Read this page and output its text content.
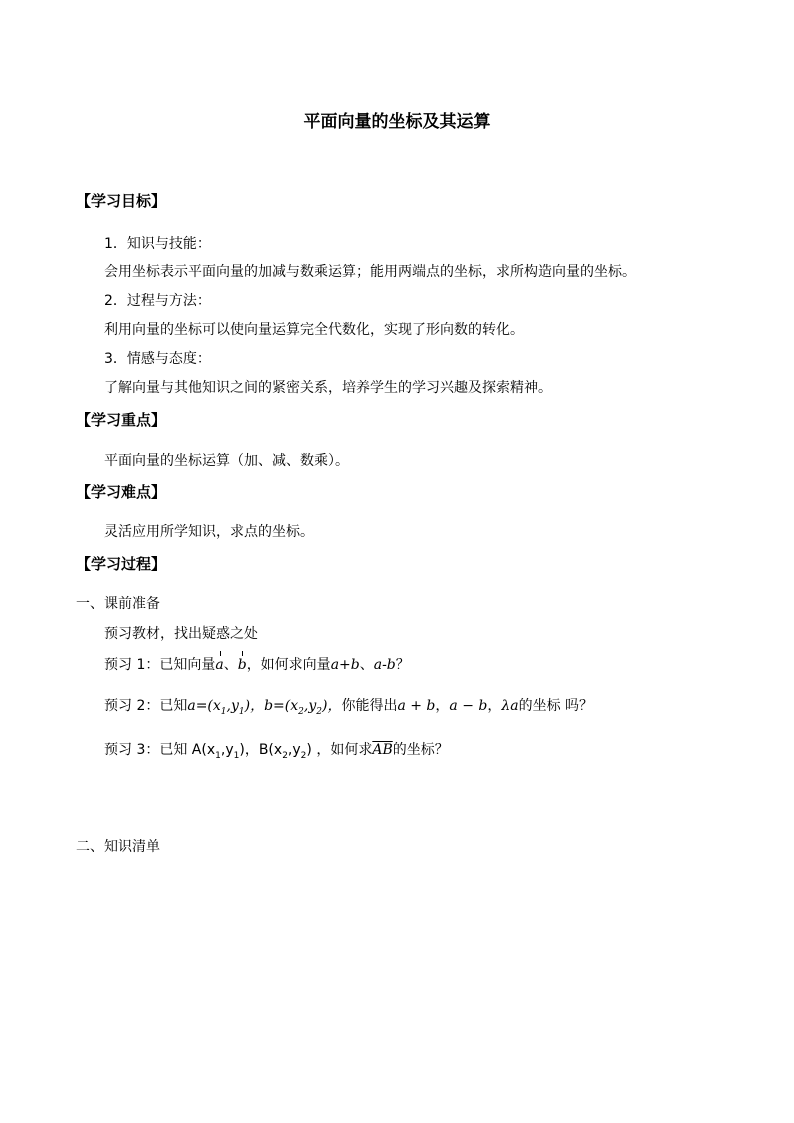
平面向量的坐标及其运算
【学习目标】
1．知识与技能：
会用坐标表示平面向量的加减与数乘运算；能用两端点的坐标，求所构造向量的坐标。
2．过程与方法：
利用向量的坐标可以使向量运算完全代数化，实现了形向数的转化。
3．情感与态度：
了解向量与其他知识之间的紧密关系，培养学生的学习兴趣及探索精神。
【学习重点】
平面向量的坐标运算（加、减、数乘）。
【学习难点】
灵活应用所学知识，求点的坐标。
【学习过程】
一、课前准备
预习教材，找出疑惑之处
预习 1：已知向量a、b，如何求向量a+b、a-b？
预习 2：已知$a=(x_1,y_1)$，$b=(x_2,y_2)$，你能得出a + b，a − b，λa的坐标 吗？
预习 3：已知 $A(x_1,y_1)$，$B(x_2,y_2)$ ，如何求$\overline{AB}$的坐标？
二、知识清单
